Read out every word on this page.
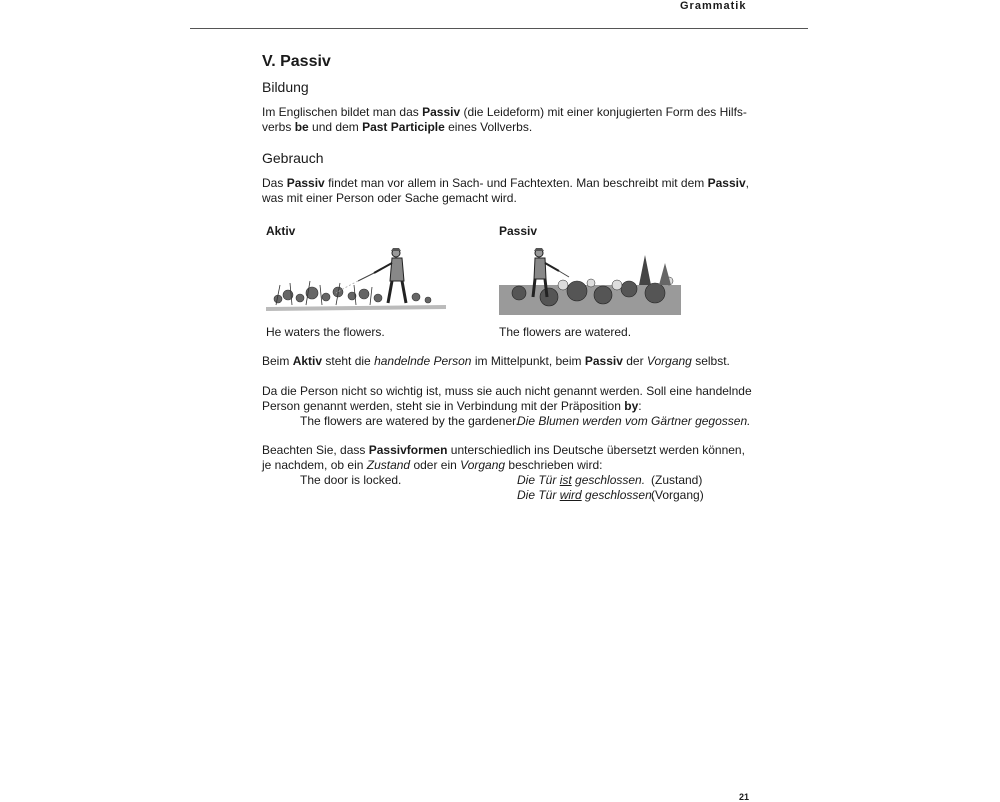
Grammatik
V. Passiv
Bildung

Im Englischen bildet man das Passiv (die Leideform) mit einer konjugierten Form des Hilfs-
verbs be und dem Past Participle eines Vollverbs.

Gebrauch

Das Passiv findet man vor allem in Sach- und Fachtexten. Man beschreibt mit dem Passiv,
was mit einer Person oder Sache gemacht wird.

Aktiv
He waters the flowers.
Passiv
The flowers are watered.

Beim Aktiv steht die handelnde Person im Mittelpunkt, beim Passiv der Vorgang selbst.

Da die Person nicht so wichtig ist, muss sie auch nicht genannt werden. Soll eine handelnde
Person genannt werden, steht sie in Verbindung mit der Präposition by:

The flowers are watered by the gardener.
Die Blumen werden vom Gärtner gegossen.

Beachten Sie, dass Passivformen unterschiedlich ins Deutsche übersetzt werden können,
je nachdem, ob ein Zustand oder ein Vorgang beschrieben wird:

The door is locked.	Die Tür ist geschlossen. (Zustand)
Die Tür wird geschlossen.
(Vorgang)
21
